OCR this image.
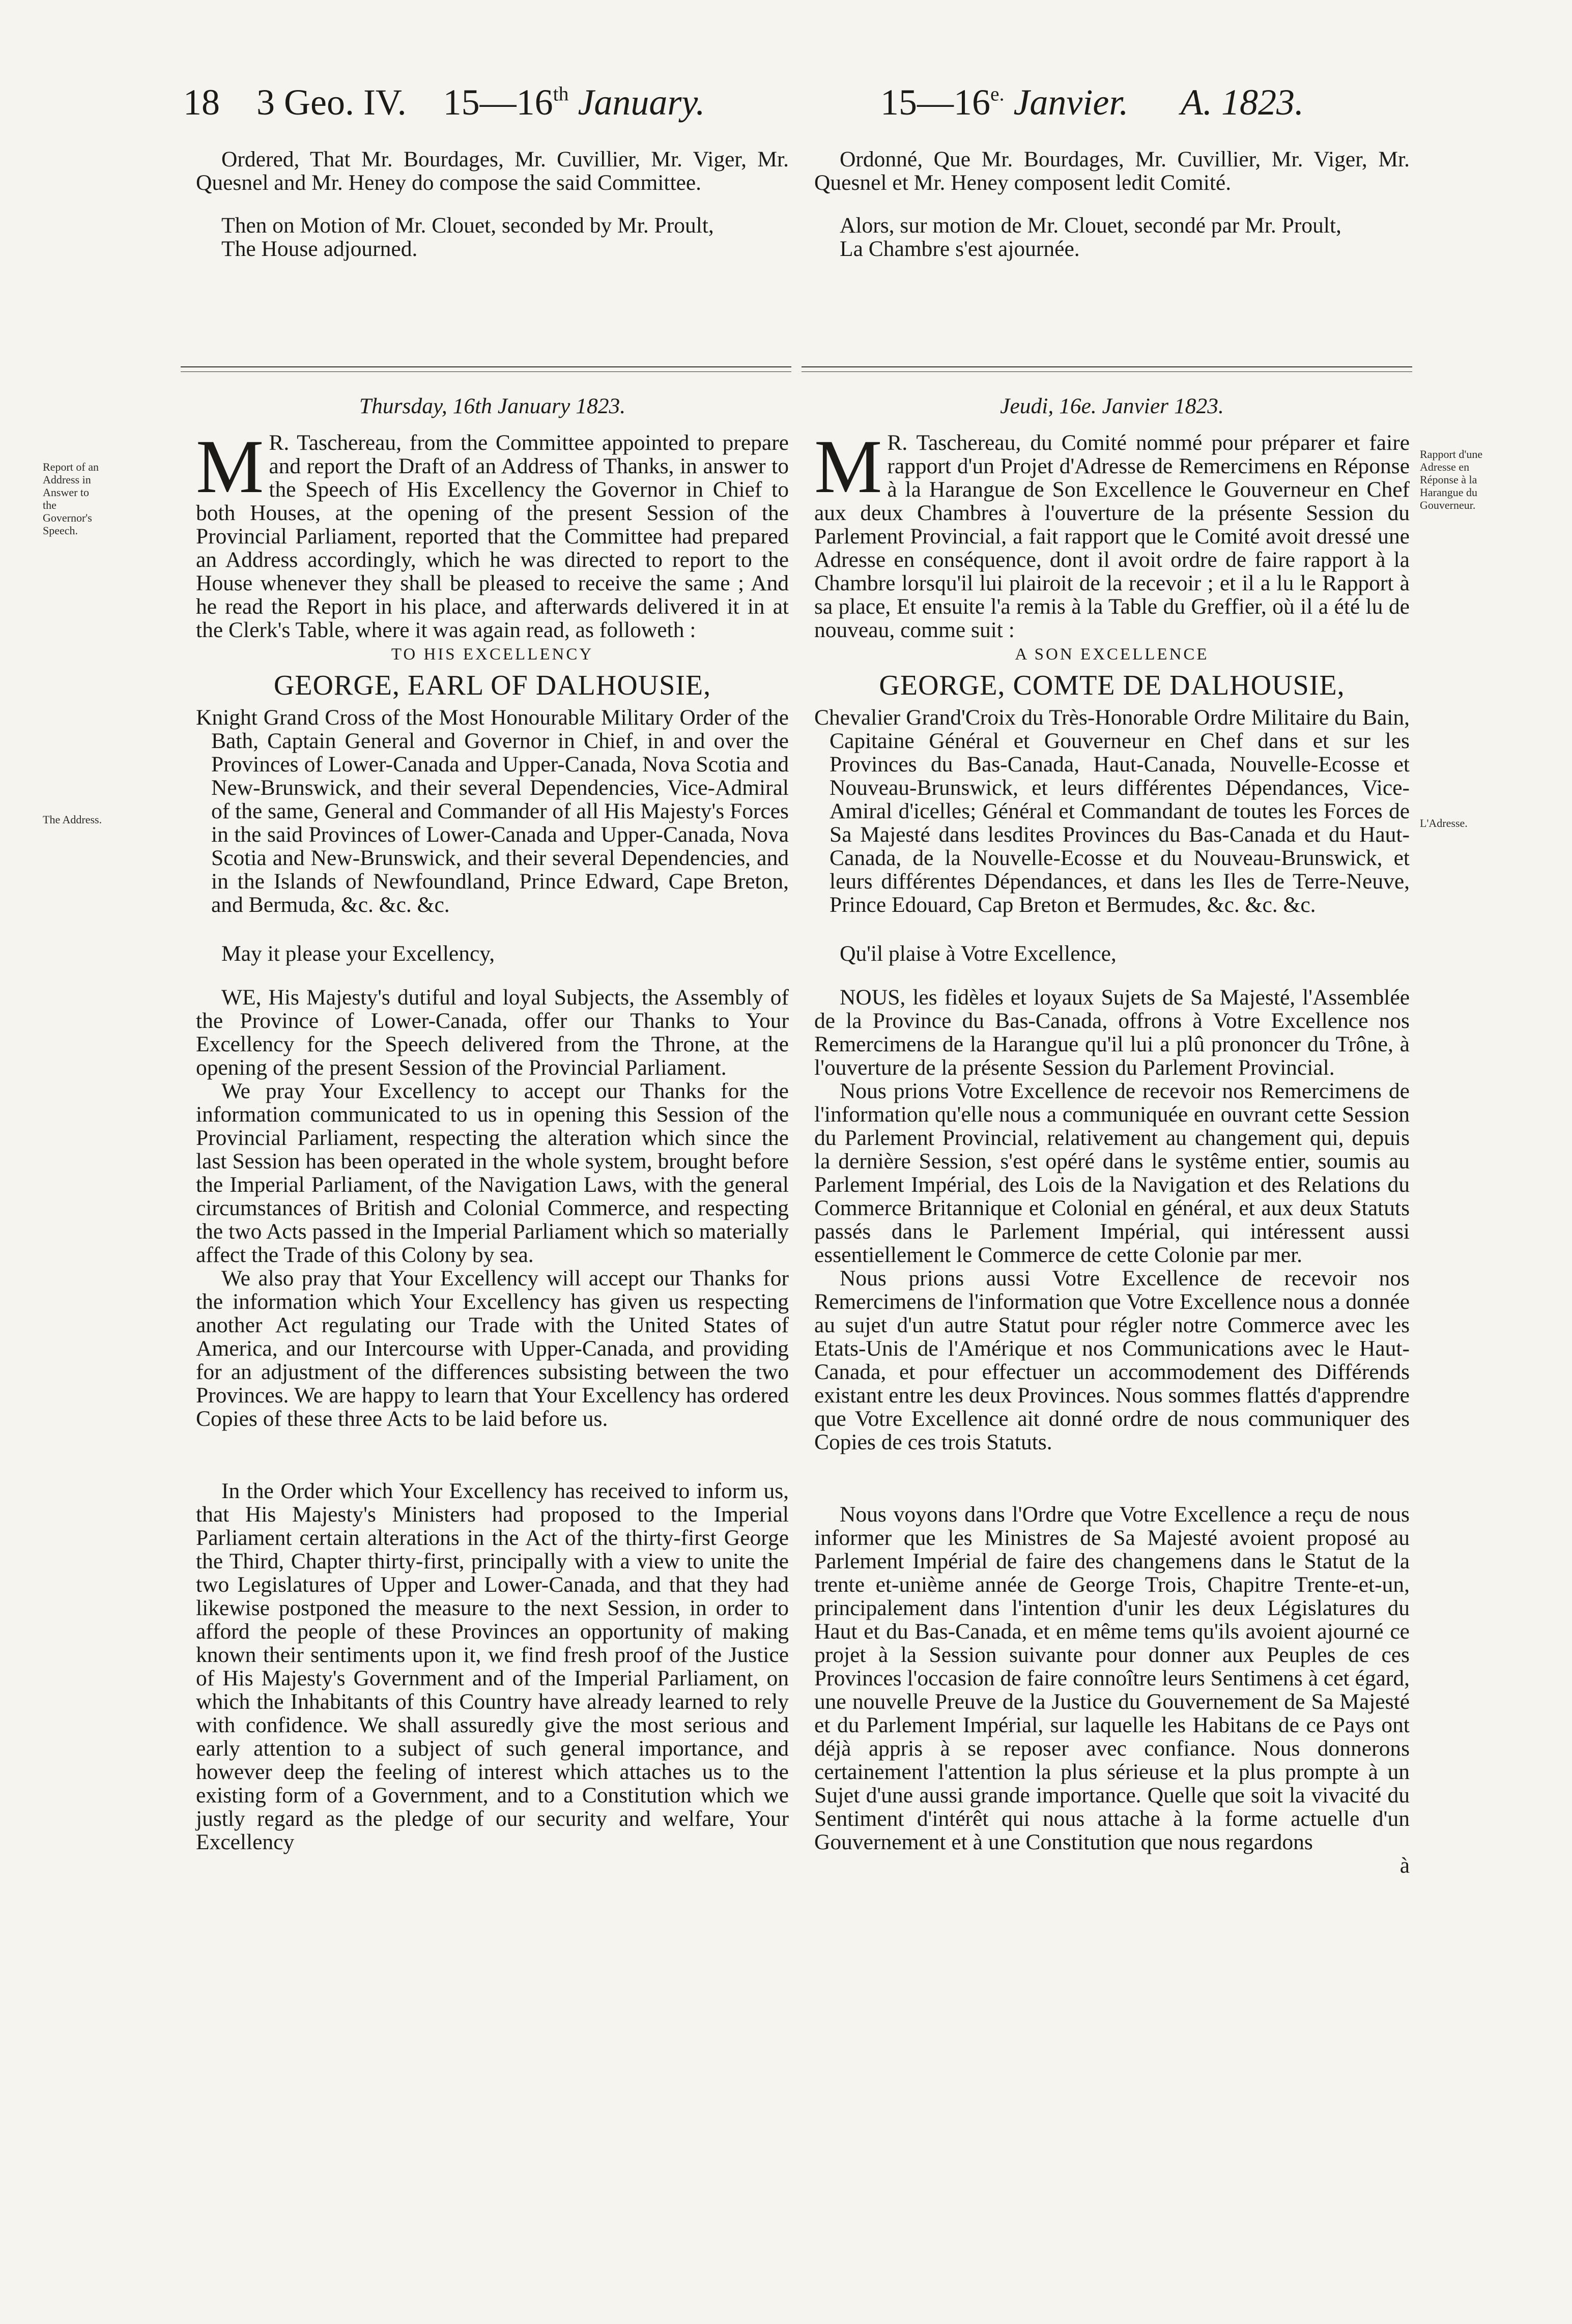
18 3 Geo. IV. 15—16th January.	$15—16^{e.}$ Janvier. A. 1823.

Ordered, That Mr. Bourdages, Mr. Cuvillier, Mr. Viger, Mr. Quesnel and Mr. Heney do compose the said Committee.

Then on Motion of Mr. Clouet, seconded by Mr. Proult,

The House adjourned.

Ordonné, Que Mr. Bourdages, Mr. Cuvillier, Mr. Viger, Mr. Quesnel et Mr. Heney composent ledit Comité.

Alors, sur motion de Mr. Clouet, secondé par Mr. Proult,

La Chambre s'est ajournée.

Thursday, 16th January 1823.

M R. Taschereau, from the Committee appointed to prepare and report the Draft of an Address of Thanks, in answer to the Speech of His Excellency the Governor in Chief to both Houses, at the opening of the present Session of the Provincial Parliament, reported that the Committee had prepared an Address accordingly, which he was directed to report to the House whenever they shall be pleased to receive the same ; And he read the Report in his place, and afterwards delivered it in at the Clerk's Table, where it was again read, as followeth :

TO HIS EXCELLENCY

GEORGE, EARL OF DALHOUSIE,

Knight Grand Cross of the Most Honourable Military Order of the Bath, Captain General and Governor in Chief, in and over the Provinces of Lower-Canada and Upper-Canada, Nova Scotia and New-Brunswick, and their several Dependencies, Vice-Admiral of the same, General and Commander of all His Majesty's Forces in the said Provinces of Lower-Canada and Upper-Canada, Nova Scotia and New-Brunswick, and their several Dependencies, and in the Islands of Newfoundland, Prince Edward, Cape Breton, and Bermuda, &c. &c. &c.

May it please your Excellency,

WE, His Majesty's dutiful and loyal Subjects, the Assembly of the Province of Lower-Canada, offer our Thanks to Your Excellency for the Speech delivered from the Throne, at the opening of the present Session of the Provincial Parliament.

We pray Your Excellency to accept our Thanks for the information communicated to us in opening this Session of the Provincial Parliament, respecting the alteration which since the last Session has been operated in the whole system, brought before the Imperial Parliament, of the Navigation Laws, with the general circumstances of British and Colonial Commerce, and respecting the two Acts passed in the Imperial Parliament which so materially affect the Trade of this Colony by sea.

We also pray that Your Excellency will accept our Thanks for the information which Your Excellency has given us respecting another Act regulating our Trade with the United States of America, and our Intercourse with Upper-Canada, and providing for an adjustment of the differences subsisting between the two Provinces. We are happy to learn that Your Excellency has ordered Copies of these three Acts to be laid before us.

In the Order which Your Excellency has received to inform us, that His Majesty's Ministers had proposed to the Imperial Parliament certain alterations in the Act of the thirty-first George the Third, Chapter thirty-first, principally with a view to unite the two Legislatures of Upper and Lower-Canada, and that they had likewise postponed the measure to the next Session, in order to afford the people of these Provinces an opportunity of making known their sentiments upon it, we find fresh proof of the Justice of His Majesty's Government and of the Imperial Parliament, on which the Inhabitants of this Country have already learned to rely with confidence. We shall assuredly give the most serious and early attention to a subject of such general importance, and however deep the feeling of interest which attaches us to the existing form of a Government, and to a Constitution which we justly regard as the pledge of our security and welfare, Your Excellency

Jeudi, 16e. Janvier 1823.

M R. Taschereau, du Comité nommé pour préparer et faire rapport d'un Projet d'Adresse de Remercimens en Réponse à la Harangue de Son Excellence le Gouverneur en Chef aux deux Chambres à l'ouverture de la présente Session du Parlement Provincial, a fait rapport que le Comité avoit dressé une Adresse en conséquence, dont il avoit ordre de faire rapport à la Chambre lorsqu'il lui plairoit de la recevoir ; et il a lu le Rapport à sa place, Et ensuite l'a remis à la Table du Greffier, où il a été lu de nouveau, comme suit :

A SON EXCELLENCE

GEORGE, COMTE DE DALHOUSIE,

Chevalier Grand'Croix du Très-Honorable Ordre Militaire du Bain, Capitaine Général et Gouverneur en Chef dans et sur les Provinces du Bas-Canada, Haut-Canada, Nouvelle-Ecosse et Nouveau-Brunswick, et leurs différentes Dépendances, Vice-Amiral d'icelles; Général et Commandant de toutes les Forces de Sa Majesté dans lesdites Provinces du Bas-Canada et du Haut-Canada, de la Nouvelle-Ecosse et du Nouveau-Brunswick, et leurs différentes Dépendances, et dans les Iles de Terre-Neuve, Prince Edouard, Cap Breton et Bermudes, &c. &c. &c.

Qu'il plaise à Votre Excellence,

NOUS, les fidèles et loyaux Sujets de Sa Majesté, l'Assemblée de la Province du Bas-Canada, offrons à Votre Excellence nos Remercimens de la Harangue qu'il lui a plû prononcer du Trône, à l'ouverture de la présente Session du Parlement Provincial.

Nous prions Votre Excellence de recevoir nos Remercimens de l'information qu'elle nous a communiquée en ouvrant cette Session du Parlement Provincial, relativement au changement qui, depuis la dernière Session, s'est opéré dans le systême entier, soumis au Parlement Impérial, des Lois de la Navigation et des Relations du Commerce Britannique et Colonial en général, et aux deux Statuts passés dans le Parlement Impérial, qui intéressent aussi essentiellement le Commerce de cette Colonie par mer.

Nous prions aussi Votre Excellence de recevoir nos Remercimens de l'information que Votre Excellence nous a donnée au sujet d'un autre Statut pour régler notre Commerce avec les Etats-Unis de l'Amérique et nos Communications avec le Haut-Canada, et pour effectuer un accommodement des Différends existant entre les deux Provinces. Nous sommes flattés d'apprendre que Votre Excellence ait donné ordre de nous communiquer des Copies de ces trois Statuts.

Nous voyons dans l'Ordre que Votre Excellence a reçu de nous informer que les Ministres de Sa Majesté avoient proposé au Parlement Impérial de faire des changemens dans le Statut de la trente et-unième année de George Trois, Chapitre Trente-et-un, principalement dans l'intention d'unir les deux Législatures du Haut et du Bas-Canada, et en même tems qu'ils avoient ajourné ce projet à la Session suivante pour donner aux Peuples de ces Provinces l'occasion de faire connoître leurs Sentimens à cet égard, une nouvelle Preuve de la Justice du Gouvernement de Sa Majesté et du Parlement Impérial, sur laquelle les Habitans de ce Pays ont déjà appris à se reposer avec confiance. Nous donnerons certainement l'attention la plus sérieuse et la plus prompte à un Sujet d'une aussi grande importance. Quelle que soit la vivacité du Sentiment d'intérêt qui nous attache à la forme actuelle d'un Gouvernement et à une Constitution que nous regardons

à

Report of an Address in Answer to the Governor's Speech.
The Address.
Rapport d'une Adresse en Réponse à la Harangue du Gouverneur.
L'Adresse.
